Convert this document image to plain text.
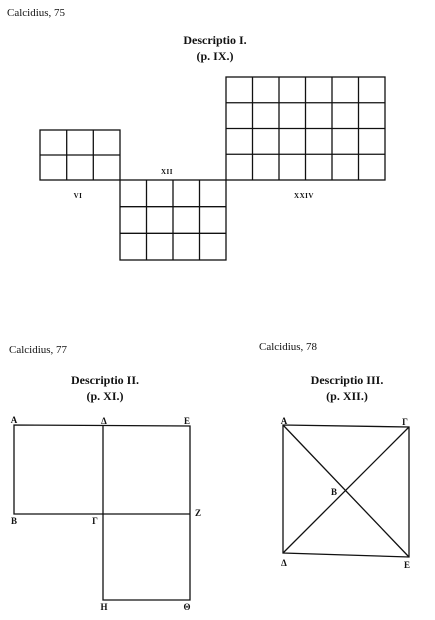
Calcidius, 75
Descriptio I.
(p. IX.)
Calcidius, 77
Descriptio II.
(p. XI.)
Calcidius, 78
Descriptio III.
(p. XII.)
VI
XII
XXIV
Α	Δ	Ε
Β	Γ
Ζ
Η	Θ
Α	Γ
Β
Δ	Ε
